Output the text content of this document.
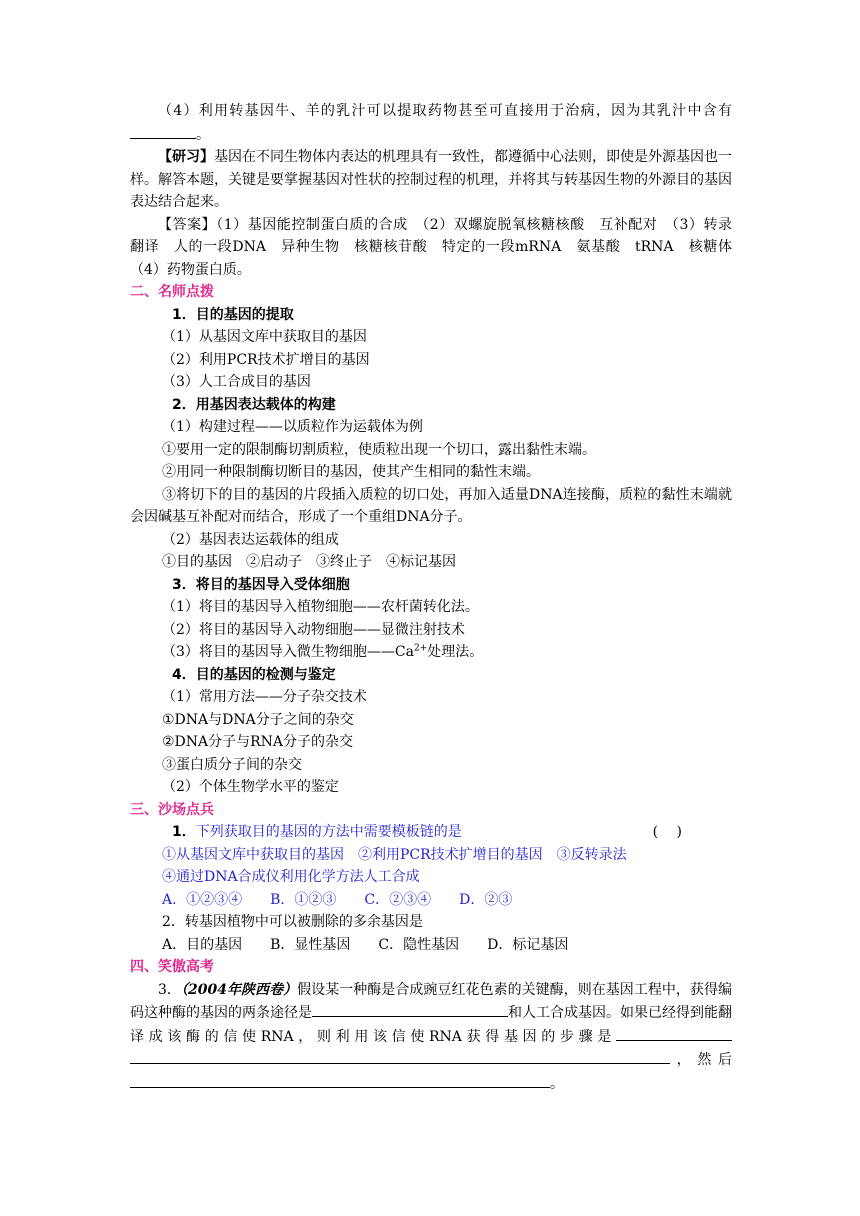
（4）利用转基因牛、羊的乳汁可以提取药物甚至可直接用于治病，因为其乳汁中含有。

【研习】基因在不同生物体内表达的机理具有一致性，都遵循中心法则，即使是外源基因也一样。解答本题，关键是要掌握基因对性状的控制过程的机理，并将其与转基因生物的外源目的基因表达结合起来。

【答案】（1）基因能控制蛋白质的合成　（2）双螺旋脱氧核糖核酸　互补配对　（3）转录　翻译　人的一段DNA　异种生物　核糖核苷酸　特定的一段mRNA　氨基酸　tRNA　核糖体　（4）药物蛋白质。

二、名师点拨

1．目的基因的提取

（1）从基因文库中获取目的基因

（2）利用PCR技术扩增目的基因

（3）人工合成目的基因

2．用基因表达载体的构建

（1）构建过程——以质粒作为运载体为例

①要用一定的限制酶切割质粒，使质粒出现一个切口，露出黏性末端。

②用同一种限制酶切断目的基因，使其产生相同的黏性末端。

③将切下的目的基因的片段插入质粒的切口处，再加入适量DNA连接酶，质粒的黏性末端就会因碱基互补配对而结合，形成了一个重组DNA分子。

（2）基因表达运载体的组成

①目的基因　②启动子　③终止子　④标记基因

3．将目的基因导入受体细胞

（1）将目的基因导入植物细胞——农杆菌转化法。

（2）将目的基因导入动物细胞——显微注射技术

（3）将目的基因导入微生物细胞$——Ca^{2+}$处理法。

4．目的基因的检测与鉴定

（1）常用方法——分子杂交技术

①DNA与DNA分子之间的杂交

②DNA分子与RNA分子的杂交

③蛋白质分子间的杂交

（2）个体生物学水平的鉴定

三、沙场点兵

1． 下列获取目的基因的方法中需要模板链的是	(　 )

①从基因文库中获取目的基因　②利用PCR技术扩增目的基因　③反转录法

④通过DNA合成仪利用化学方法人工合成

A．①②③④　　B．①②③　　C．②③④　　D．②③

2．转基因植物中可以被删除的多余基因是

A．目的基因　　B．显性基因　　C．隐性基因　　D．标记基因

四、笑傲高考

3．（2004年陕西卷）假设某一种酶是合成豌豆红花色素的关键酶，则在基因工程中，获得编码这种酶的基因的两条途径是	和人工合成基因。如果已经得到能翻译成该酶的信使RNA，则利用该信使RNA获得基因的步骤是，然后。
